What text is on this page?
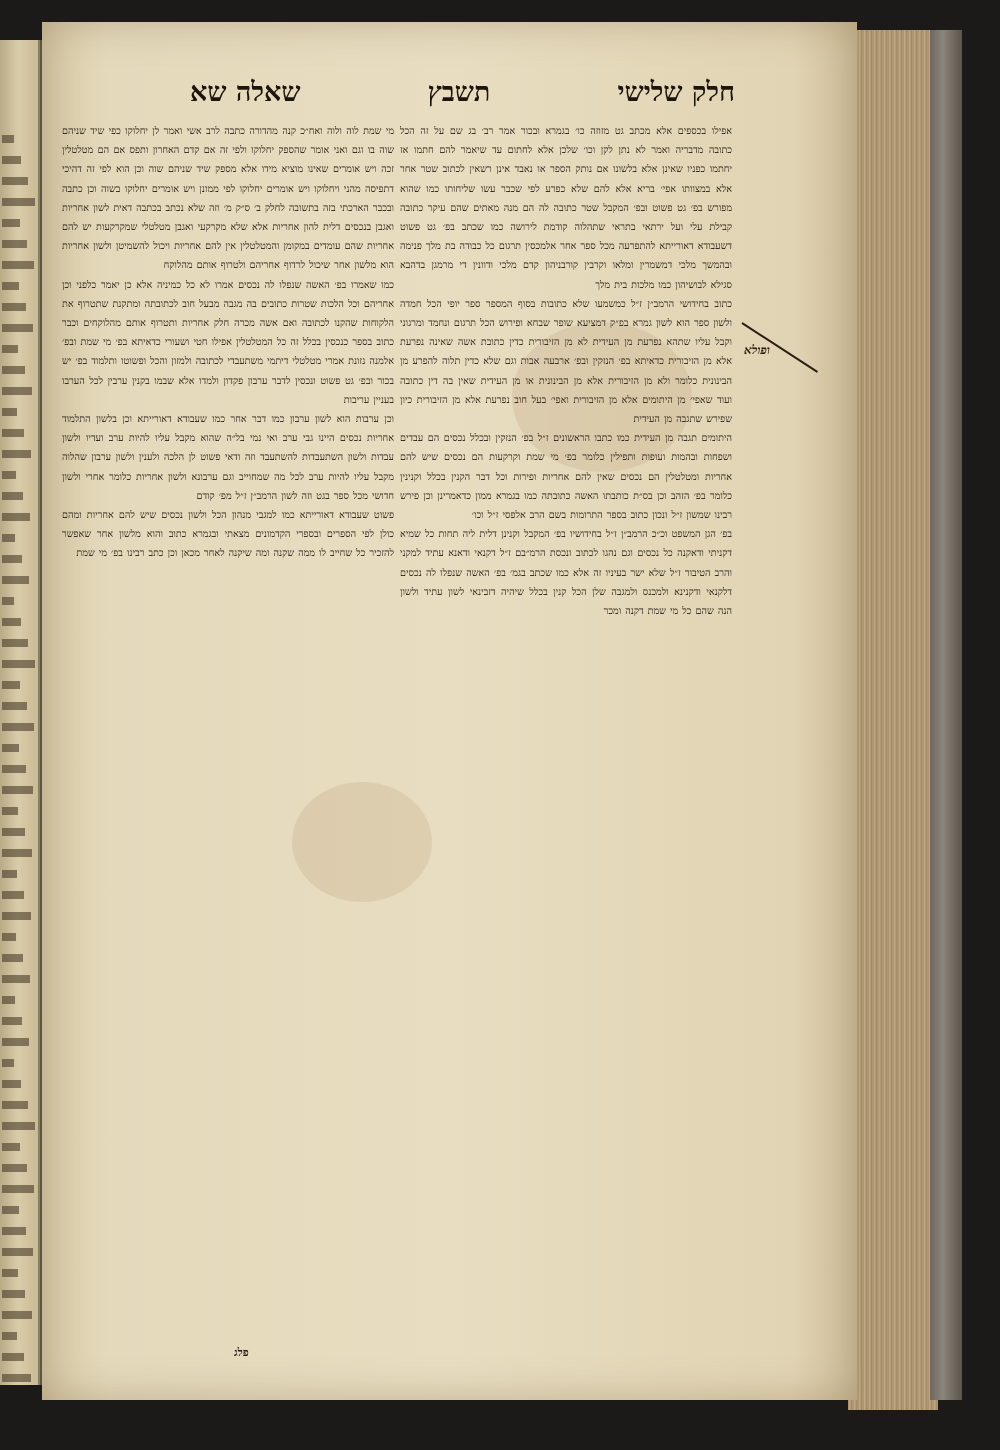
חלק שלישי
תשבץ
שאלה שא

אפילו בכספים אלא מכתב גט מזוזה כו׳ בגמרא ובכור אמר רב׳ בג שם על זה הכל כתובה מדבריה ואמר לא נתן לקן וכו׳ שלכן אלא לחתום עד שיאמר להם חתמו אז יחתמו כפניו שאינן אלא בלשונו אם נותק הספר או נאבד אינן רשאין לכתוב שטר אחר אלא במצוותו אפי׳ בריא אלא להם שלא כפרע לפי שכבר עשו שליחותו כמו שהוא מפורש בפ׳ גט פשוט ובפ׳ המקבל שטר כתובה לה הם מנה מאתים שהם עיקר כתובה קבילת עלי ועל ירתאי בתראי שתהלוה קודמת לירושה כמו שכתב בפ׳ גט פשוט דשעבודא דאורייתא להתפרעה מכל ספר אחר אלמכסין תרגום כל כבודה בת מלך פנימה ובהמשך מלכי דמשמרין ומלאו וקרבין קורבניהון קדם מלכי ודוונין די מרמגן בדהבא סגילא לבושיהון כמו מלכות בית מלך

כתוב בחידושי הרמב״ן ז״ל כמשמעו שלא כתובות בסוף המספר ספר יופי הכל חמדה ולשון ספר הוא לשון גמרא בפ״ק דמציעא שופר שבחא ופירוש הכל תרגום ונחמד ומרגוני וקבל עליו שתהא נפרעת מן העידית לא מן הזיבורית כדין כתובת אשה שאינה נפרעת אלא מן הזיבורית כדאיתא בפ׳ הנזקין ובפ׳ ארבעה אבות וגם שלא כדין תלוה להפרע מן הבינונית כלומר ולא מן הזיבורית אלא מן הבינונית או מן העידית שאין בה דין כתובה ועוד שאפי׳ מן היתומים אלא מן הזיבורית ואפי׳ בעל חוב נפרעת אלא מן הזיבורית כיון שפירש שתגבה מן העידית

היתומים תגבה מן העידית כמו כתבו הראשונים ז״ל בפ׳ הנזקין ובכלל נכסים הם עבדים ושפחות ובהמות ועופות ותפילין כלומר בפ׳ מי שמת וקרקעות הם נכסים שיש להם אחריות ומטלטלין הם נכסים שאין להם אחריות ופירות וכל דבר הקנין בכלל וקנינין כלומר בפ׳ הזהב וכן בס״ת כותבתו האשה כתובתה כמו בגמרא ממון כדאמרינן וכן פירש רבינו שמשון ז״ל ונכון כתוב בספר התרומות בשם הרב אלפסי ז״ל וכו׳

בפ׳ הגן המשפט וכ״כ הרמב״ן ז״ל בחידושיו בפ׳ המקבל וקנינן דלית ליה תחות כל שמיא דקניתי ודאקנה כל נכסים וגם נהגו לכתוב ונכסת הרמ״בם ז״ל דקנאי ודאנא עתיד למקני והרב הטיבור ז״ל שלא ישר בעיניו זה אלא כמו שכתב בגמ׳ בפ׳ האשה שנפלו לה נכסים דלקנאי ודקנינא ולמכנס ולמגבה שלן הכל קנין בכלל שיהיה דזבינאי לשון עתיד ולשון הנה שהם כל מי שמת דקנה ומכר

מי שמת לוה ולוה ואח״כ קנה מהדורה כתבה לרב אשי ואמר לן יחלוקו כפי שיד שניהם שוה בו וגם ואני אומר שהספק יחלוקו ולפי זה אם קדם האחרון ותפס אם הם מטלטלין זכה ויש אומרים שאינו מוציא מידו אלא מספק שיד שניהם שוה וכן הוא לפי זה דהיכי דתפיסה מהני ויחלוקו ויש אומרים יחלוקו לפי ממונן ויש אומרים יחלוקו בשוה וכן כתבה ובכבר הארכתי בזה בתשובה לחלק ב׳ ס״ק מ׳ וזה שלא נכתב בכתבה דאית לשון אחריות ואגבן בנכסים דלית להון אחריות אלא שלא מקרקעי ואגבן מטלטלי שמקרקעות יש להם אחריות שהם עומדים במקומן והמטלטלין אין להם אחריות ויכול להשמיטן ולשון אחריות הוא מלשון אחר שיכול לרדוף אחריהם ולטרוף אותם מהלוקח

כמו שאמרו בפ׳ האשה שנפלו לה נכסים אמרו לא כל כמיניה אלא כן יאמר כלפני וכן אחריהם וכל הלכות שטרות כתובים בה מגבה מבעל חוב לכתובתה ומתקנת שתטרוף את הלקוחות שהקנו לכתובה ואם אשה מכרה חלק אחריות ותטרוף אותם מהלוקחים וכבר כתוב בספר כנכסין בכלל זה כל המטלטלין אפילו חטי ושעורי כדאיתא בפ׳ מי שמת ובפ׳ אלמנה נזונת אמרי מטלטלי דיתמי משתעבדי לכתובה ולמזון והכל ופשוטו ותלמוד בפ׳ יש בכור ובפ׳ גט פשוט ונכסין לדבר ערבון פקדון ולמדו אלא שבמו בקנין ערבין לכל הערבו בעניין עריבות

וכן ערבות הוא לשון ערבון כמו דבר אחר כמו שעבודא דאורייתא וכן בלשון התלמוד אחריות נכסים היינו גבי ערב ואי נמי בל״ה שהוא מקבל עליו להיות ערב ועדיו ולשון עבדות ולשון השתעבדות להשתעבד וזה ודאי פשוט לן הלכה ולענין ולשון ערבון שהלוה מקבל עליו להיות ערב לכל מה שמחוייב וגם ערבונא ולשון אחריות כלומר אחרי ולשון חדושי מכל ספר בגט וזה לשון הרמב״ן ז״ל מפ׳ קודם

פשוט שעבודא דאורייתא כמו למגבי מנהון הכל ולשון נכסים שיש להם אחריות ומהם כולן לפי הספרים ובספרי הקדמונים מצאתי ובגמרא כתוב והוא מלשון אחר שאפשר להזכיר כל שחייב לו ממה שקנה ומה שיקנה לאחר מכאן וכן כתב רבינו בפ׳ מי שמת

ופולא
פלג
